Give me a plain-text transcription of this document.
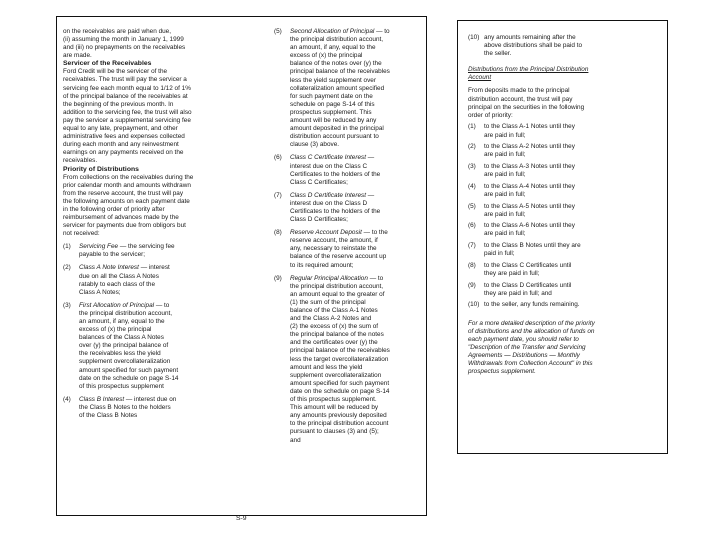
on the receivables are paid when due,

(ii) assuming the month in January 1, 1999

and (iii) no prepayments on the receivables

are made.

Servicer of the Receivables

Ford Credit will be the servicer of the

receivables. The trust will pay the servicer a

servicing fee each month equal to 1/12 of 1%

of the principal balance of the receivables at

the beginning of the previous month. In

addition to the servicing fee, the trust will also

pay the servicer a supplemental servicing fee

equal to any late, prepayment, and other

administrative fees and expenses collected

during each month and any reinvestment

earnings on any payments received on the

receivables.

Priority of Distributions

From collections on the receivables during the

prior calendar month and amounts withdrawn

from the reserve account, the trust will pay

the following amounts on each payment date

in the following order of priority after

reimbursement of advances made by the

servicer for payments due from obligors but

not received:

(1)	Servicing Fee — the servicing fee

payable to the servicer;

(2)	Class A Note Interest — interest

due on all the Class A Notes

ratably to each class of the

Class A Notes;

(3)	First Allocation of Principal — to

the principal distribution account,

an amount, if any, equal to the

excess of (x) the principal

balances of the Class A Notes

over (y) the principal balance of

the receivables less the yield

supplement overcollateralization

amount specified for such payment

date on the schedule on page S-14

of this prospectus supplement

(4)	Class B Interest — interest due on

the Class B Notes to the holders

of the Class B Notes

(5)	Second Allocation of Principal — to

the principal distribution account,

an amount, if any, equal to the

excess of (x) the principal

balance of the notes over (y) the

principal balance of the receivables

less the yield supplement over

collateralization amount specified

for such payment date on the

schedule on page S-14 of this

prospectus supplement. This

amount will be reduced by any

amount deposited in the principal

distribution account pursuant to

clause (3) above.

(6)	Class C Certificate Interest —

interest due on the Class C

Certificates to the holders of the

Class C Certificates;

(7)	Class D Certificate Interest —

interest due on the Class D

Certificates to the holders of the

Class D Certificates;

(8)	Reserve Account Deposit — to the

reserve account, the amount, if

any, necessary to reinstate the

balance of the reserve account up

to its required amount;

(9)	Regular Principal Allocation — to

the principal distribution account,

an amount equal to the greater of

(1) the sum of the principal

balance of the Class A-1 Notes

and the Class A-2 Notes and

(2) the excess of (x) the sum of

the principal balance of the notes

and the certificates over (y) the

principal balance of the receivables

less the target overcollateralization

amount and less the yield

supplement overcollateralization

amount specified for such payment

date on the schedule on page S-14

of this prospectus supplement.

This amount will be reduced by

any amounts previously deposited

to the principal distribution account

pursuant to clauses (3) and (5);

and

(10) any amounts remaining after the

above distributions shall be paid to

the seller.

Distributions from the Principal Distribution

Account

From deposits made to the principal

distribution account, the trust will pay

principal on the securities in the following

order of priority:

(1)	to the Class A-1 Notes until they

are paid in full;

(2)	to the Class A-2 Notes until they

are paid in full;

(3)	to the Class A-3 Notes until they

are paid in full;

(4)	to the Class A-4 Notes until they

are paid in full;

(5)	to the Class A-5 Notes until they

are paid in full;

(6)	to the Class A-6 Notes until they

are paid in full;

(7)	to the Class B Notes until they are

paid in full;

(8)	to the Class C Certificates until

they are paid in full;

(9)	to the Class D Certificates until

they are paid in full; and

(10) to the seller, any funds remaining.

For a more detailed description of the priority

of distributions and the allocation of funds on

each payment date, you should refer to

"Description of the Transfer and Servicing

Agreements — Distributions — Monthly

Withdrawals from Collection Account" in this

prospectus supplement.

S-9
